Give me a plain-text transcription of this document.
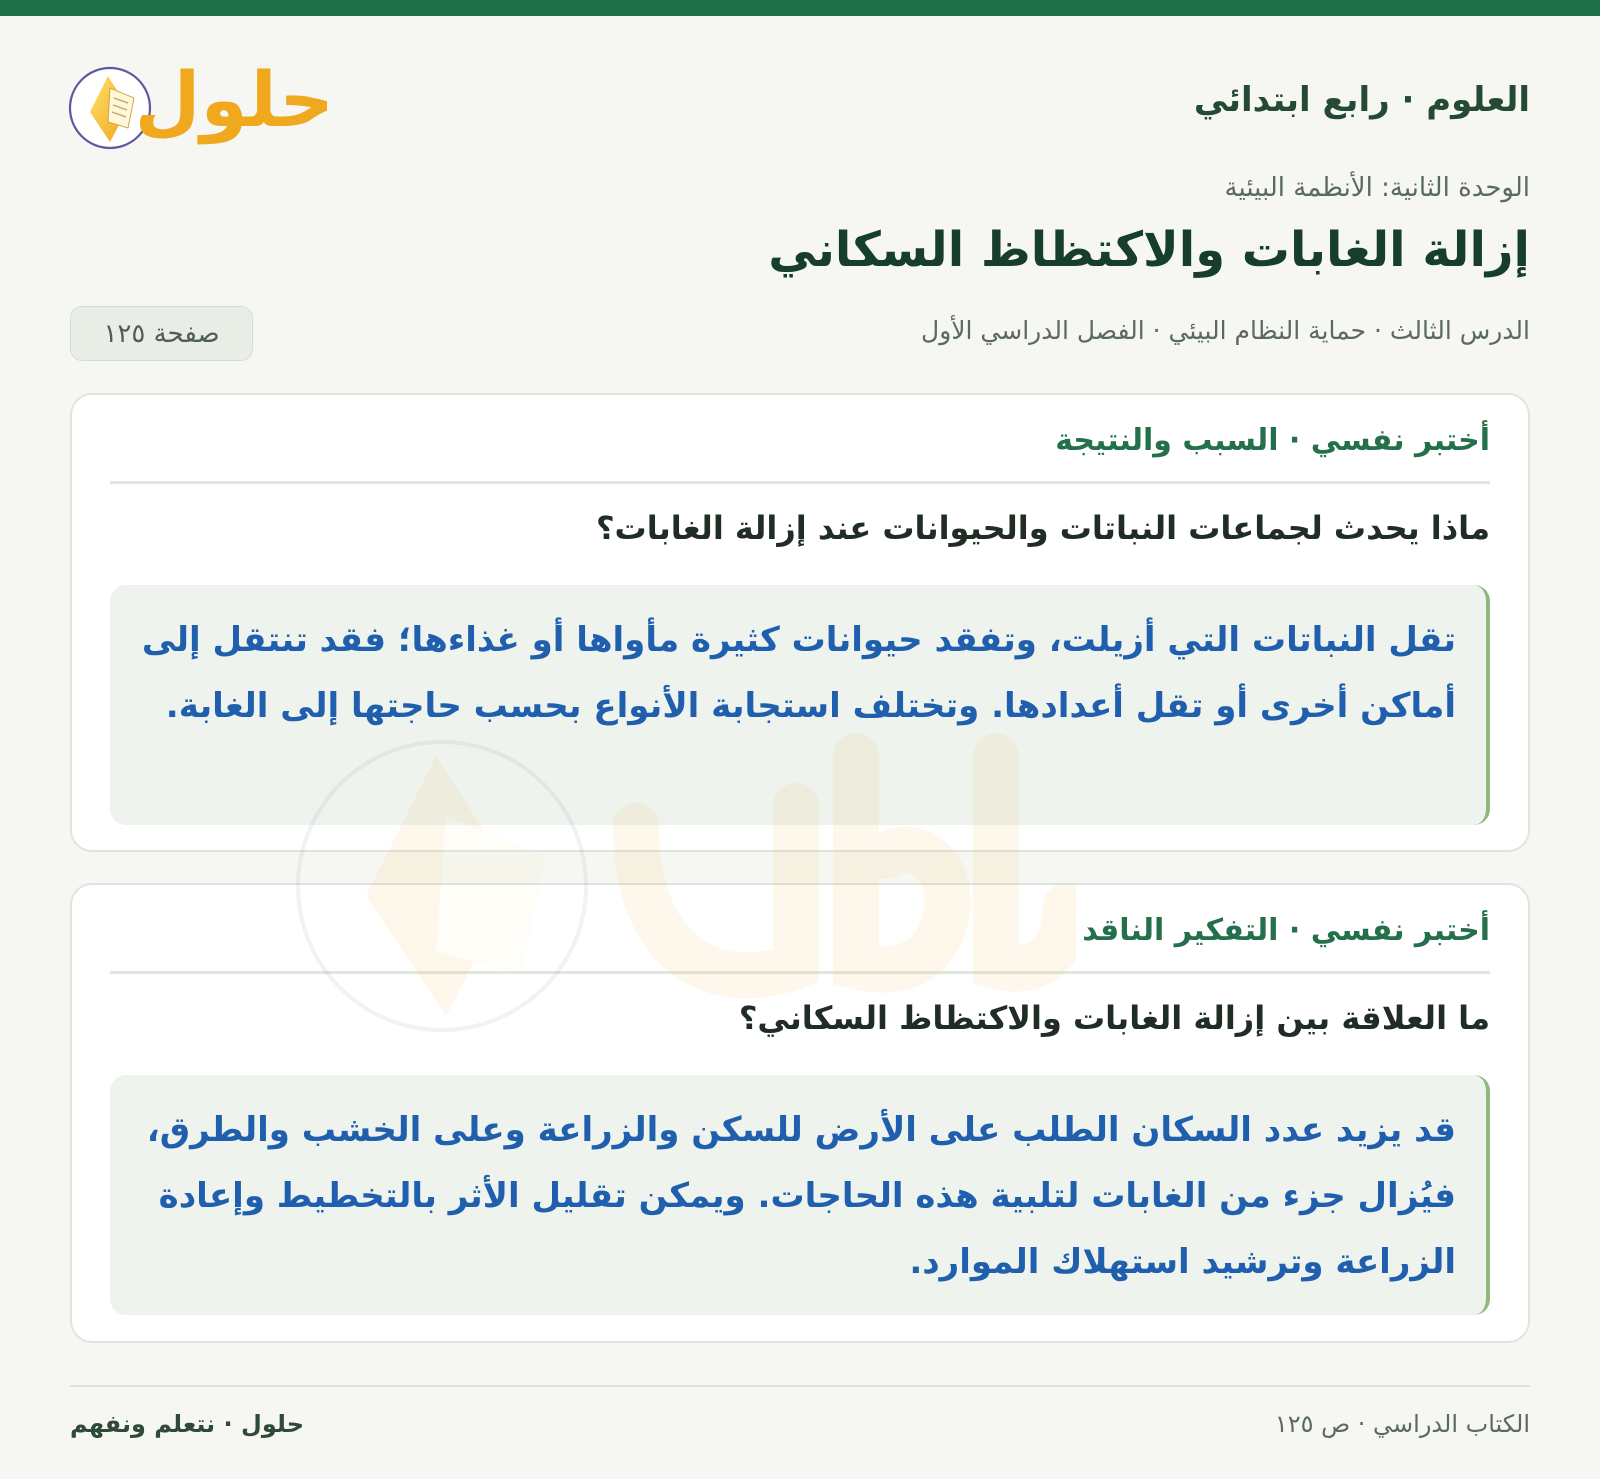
العلوم · رابع ابتدائي
حلول
الوحدة الثانية: الأنظمة البيئية
إزالة الغابات والاكتظاظ السكاني
الدرس الثالث · حماية النظام البيئي · الفصل الدراسي الأول
صفحة ١٢٥
أختبر نفسي · السبب والنتيجة
ماذا يحدث لجماعات النباتات والحيوانات عند إزالة الغابات؟
تقل النباتات التي أزيلت، وتفقد حيوانات كثيرة مأواها أو غذاءها؛ فقد تنتقل إلى أماكن أخرى أو تقل أعدادها. وتختلف استجابة الأنواع بحسب حاجتها إلى الغابة.
أختبر نفسي · التفكير الناقد
ما العلاقة بين إزالة الغابات والاكتظاظ السكاني؟
قد يزيد عدد السكان الطلب على الأرض للسكن والزراعة وعلى الخشب والطرق، فيُزال جزء من الغابات لتلبية هذه الحاجات. ويمكن تقليل الأثر بالتخطيط وإعادة الزراعة وترشيد استهلاك الموارد.
الكتاب الدراسي · ص ١٢٥
حلول · نتعلم ونفهم
